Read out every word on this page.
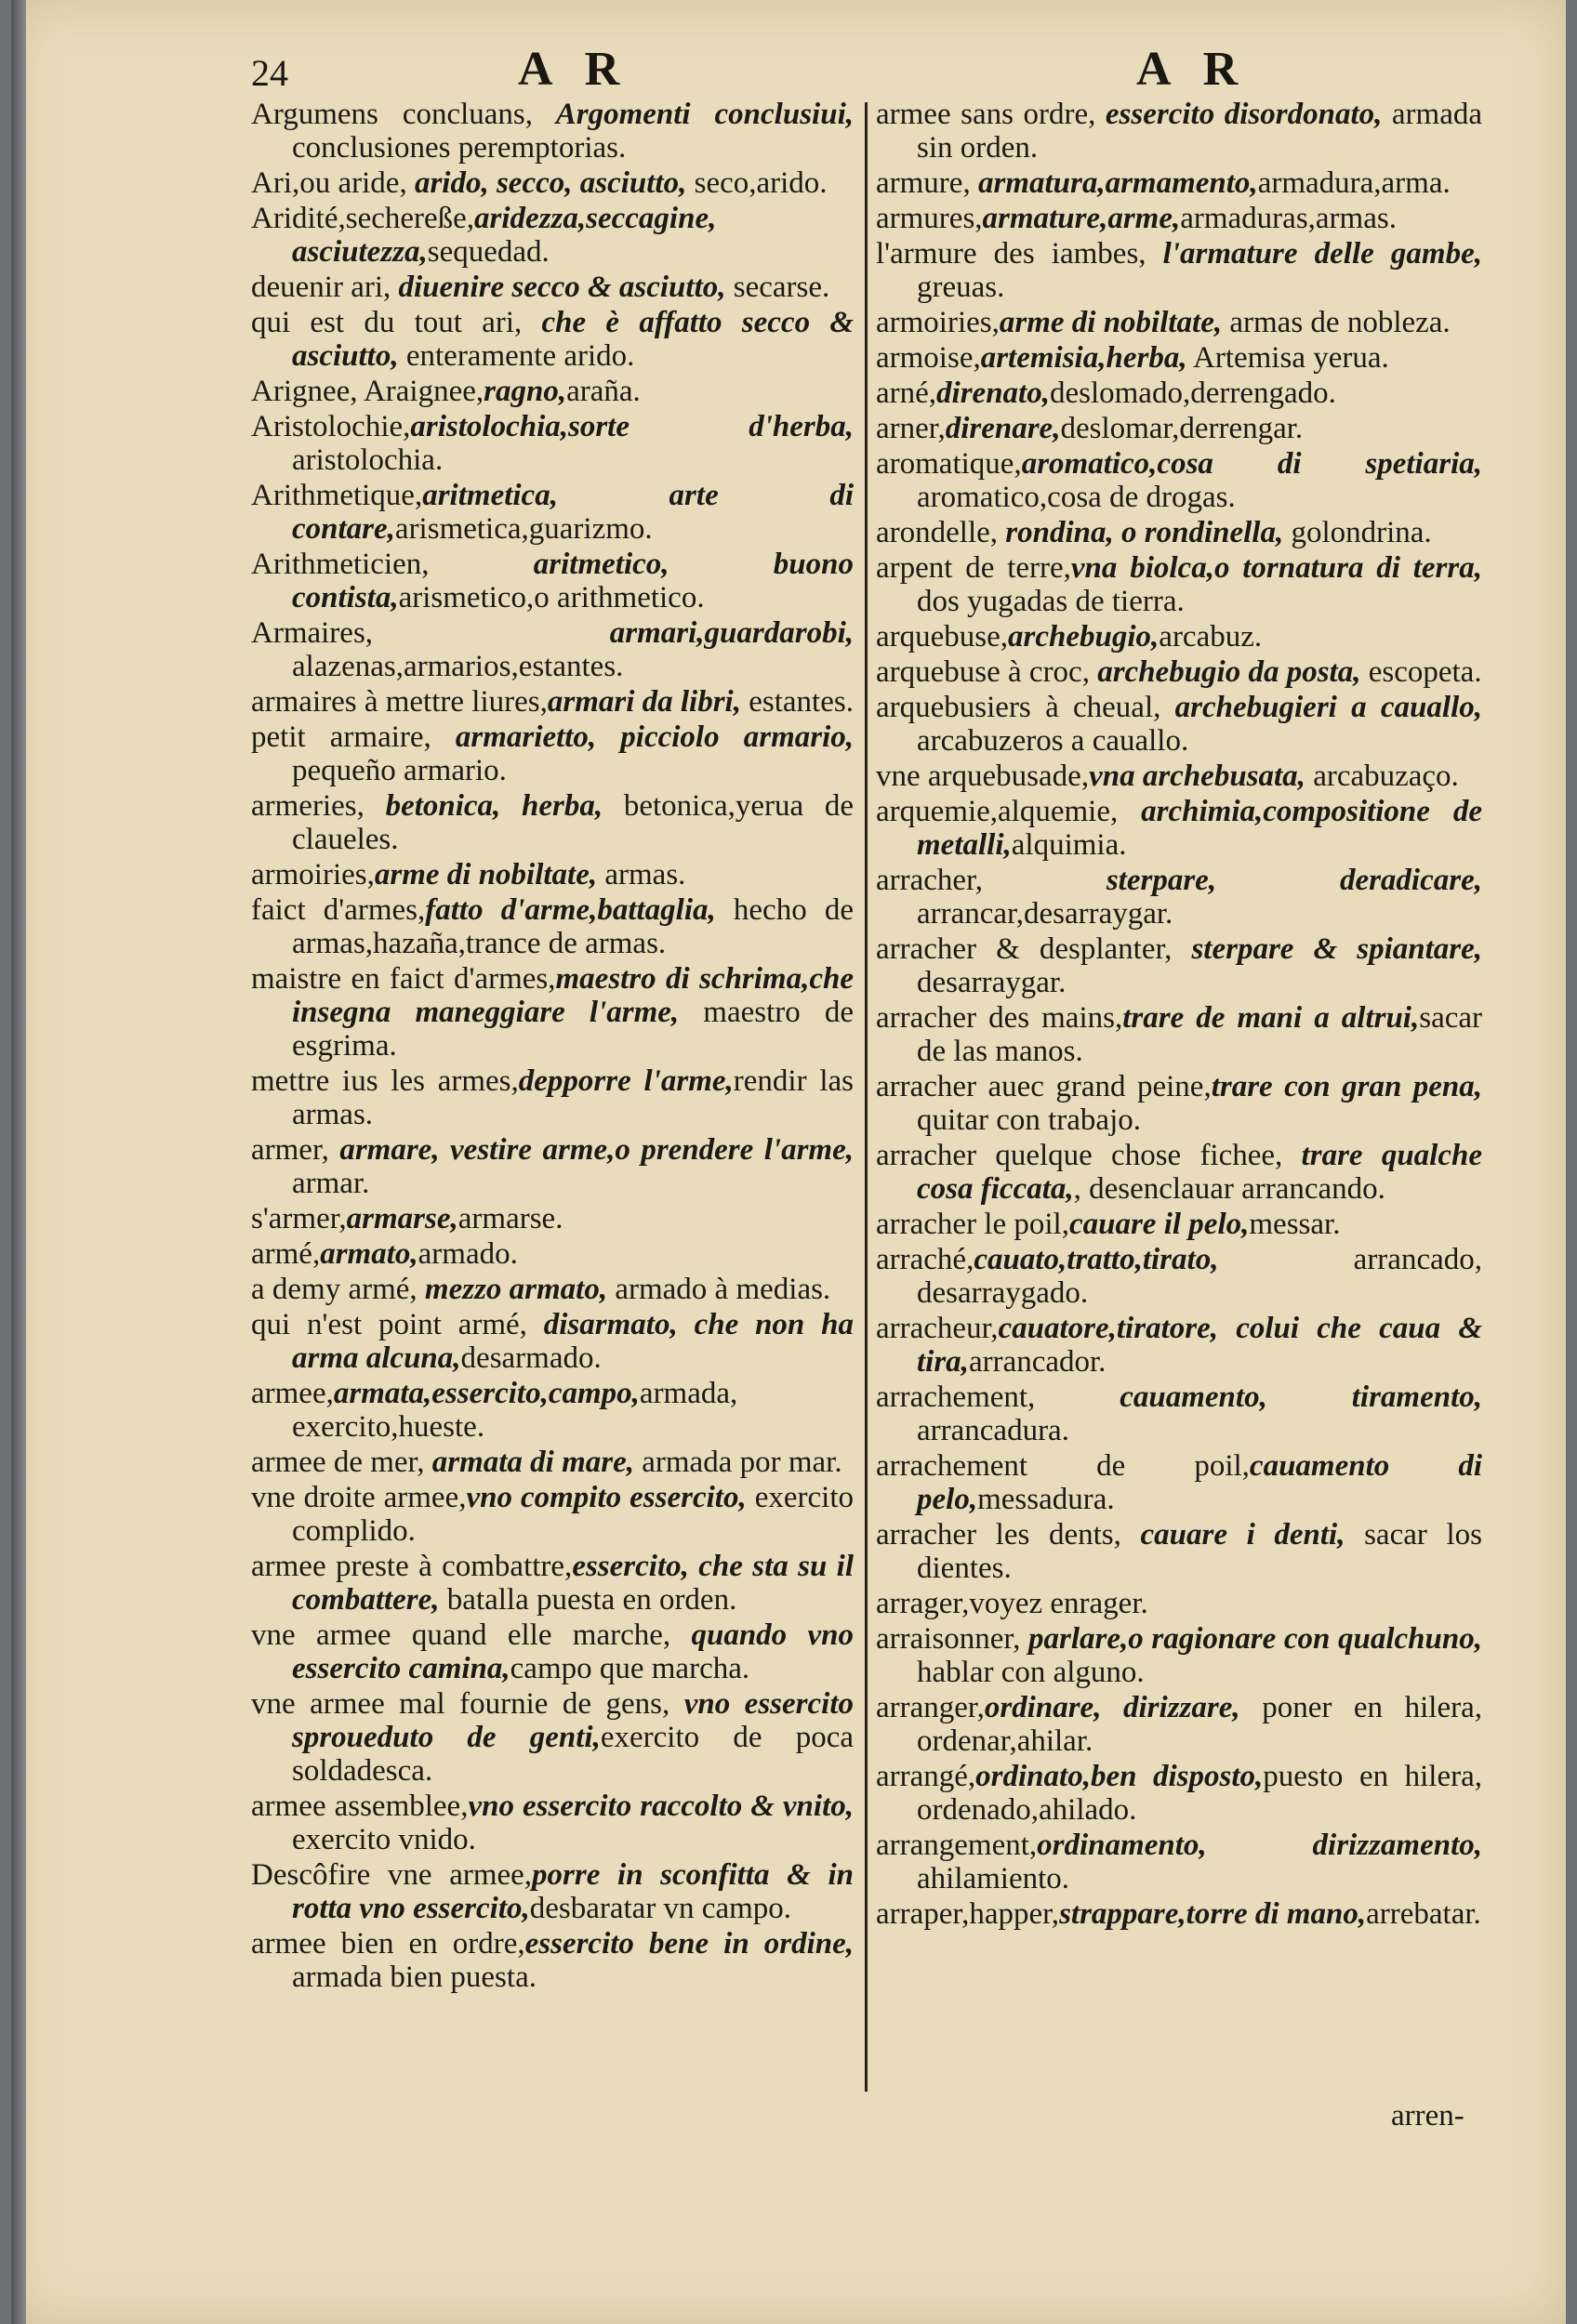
24	A R	A R
Argumens concluans, Argomenti conclusiui, conclusiones peremptorias.
Ari,ou aride, arido, secco, asciutto, seco,arido.
Aridité,sechereße,aridezza,seccagine, asciutezza,sequedad.
deuenir ari, diuenire secco & asciutto, secarse.
qui est du tout ari, che è affatto secco & asciutto, enteramente arido.
Arignee, Araignee,ragno,araña.
Aristolochie,aristolochia,sorte d'herba, aristolochia.
Arithmetique,aritmetica, arte di contare,arismetica,guarizmo.
Arithmeticien, aritmetico, buono contista,arismetico,o arithmetico.
Armaires, armari,guardarobi, alazenas,armarios,estantes.
armaires à mettre liures,armari da libri, estantes.
petit armaire, armarietto, picciolo armario, pequeño armario.
armeries, betonica, herba, betonica,yerua de claueles.
armoiries,arme di nobiltate, armas.
faict d'armes,fatto d'arme,battaglia, hecho de armas,hazaña,trance de armas.
maistre en faict d'armes,maestro di schrima,che insegna maneggiare l'arme, maestro de esgrima.
mettre ius les armes,depporre l'arme,rendir las armas.
armer, armare, vestire arme,o prendere l'arme, armar.
s'armer,armarse,armarse.
armé,armato,armado.
a demy armé, mezzo armato, armado à medias.
qui n'est point armé, disarmato, che non ha arma alcuna,desarmado.
armee,armata,essercito,campo,armada, exercito,hueste.
armee de mer, armata di mare, armada por mar.
vne droite armee,vno compito essercito, exercito complido.
armee preste à combattre,essercito, che sta su il combattere, batalla puesta en orden.
vne armee quand elle marche, quando vno essercito camina,campo que marcha.
vne armee mal fournie de gens, vno essercito sproueduto de genti,exercito de poca soldadesca.
armee assemblee,vno essercito raccolto & vnito, exercito vnido.
Descôfire vne armee,porre in sconfitta & in rotta vno essercito,desbaratar vn campo.
armee bien en ordre,essercito bene in ordine, armada bien puesta.
armee sans ordre, essercito disordonato, armada sin orden.
armure, armatura,armamento,armadura,arma.
armures,armature,arme,armaduras,armas.
l'armure des iambes, l'armature delle gambe, greuas.
armoiries,arme di nobiltate, armas de nobleza.
armoise,artemisia,herba, Artemisa yerua.
arné,direnato,deslomado,derrengado.
arner,direnare,deslomar,derrengar.
aromatique,aromatico,cosa di spetiaria, aromatico,cosa de drogas.
arondelle, rondina, o rondinella, golondrina.
arpent de terre,vna biolca,o tornatura di terra, dos yugadas de tierra.
arquebuse,archebugio,arcabuz.
arquebuse à croc, archebugio da posta, escopeta.
arquebusiers à cheual, archebugieri a cauallo, arcabuzeros a cauallo.
vne arquebusade,vna archebusata, arcabuzaço.
arquemie,alquemie, archimia,compositione de metalli,alquimia.
arracher, sterpare, deradicare, arrancar,desarraygar.
arracher & desplanter, sterpare & spiantare, desarraygar.
arracher des mains,trare de mani a altrui,sacar de las manos.
arracher auec grand peine,trare con gran pena, quitar con trabajo.
arracher quelque chose fichee, trare qualche cosa ficcata,, desenclauar arrancando.
arracher le poil,cauare il pelo,messar.
arraché,cauato,tratto,tirato, arrancado, desarraygado.
arracheur,cauatore,tiratore, colui che caua & tira,arrancador.
arrachement, cauamento, tiramento, arrancadura.
arrachement de poil,cauamento di pelo,messadura.
arracher les dents, cauare i denti, sacar los dientes.
arrager,voyez enrager.
arraisonner, parlare,o ragionare con qualchuno, hablar con alguno.
arranger,ordinare, dirizzare, poner en hilera, ordenar,ahilar.
arrangé,ordinato,ben disposto,puesto en hilera, ordenado,ahilado.
arrangement,ordinamento, dirizzamento, ahilamiento.
arraper,happer,strappare,torre di mano,arrebatar.
arren-
